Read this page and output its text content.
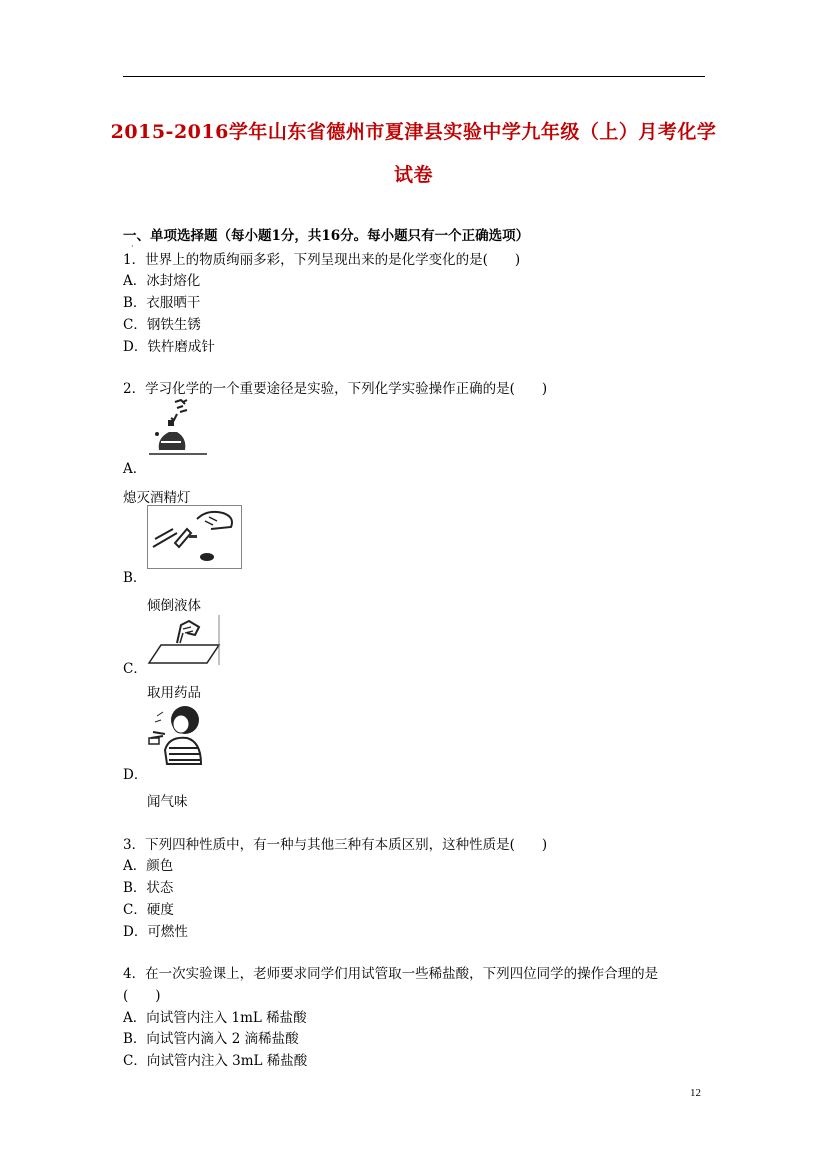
2015-2016学年山东省德州市夏津县实验中学九年级（上）月考化学
试卷
一、单项选择题（每小题1分，共16分。每小题只有一个正确选项）
·
1．世界上的物质绚丽多彩，下列呈现出来的是化学变化的是(　　)
A．冰封熔化
B．衣服晒干
C．钢铁生锈
D．铁杵磨成针
2．学习化学的一个重要途径是实验，下列化学实验操作正确的是(　　)
A．
熄灭酒精灯
B．
倾倒液体
C．
取用药品
D．
闻气味
3．下列四种性质中，有一种与其他三种有本质区别，这种性质是(　　)
A．颜色
B．状态
C．硬度
D．可燃性
4．在一次实验课上，老师要求同学们用试管取一些稀盐酸，下列四位同学的操作合理的是
(　　)
A．向试管内注入 1mL 稀盐酸
B．向试管内滴入 2 滴稀盐酸
C．向试管内注入 3mL 稀盐酸
12
